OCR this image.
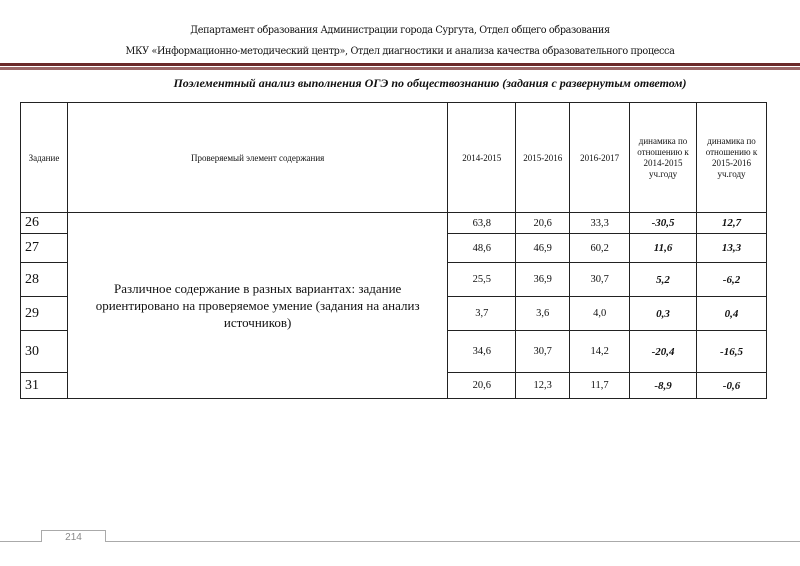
Департамент образования Администрации города Сургута, Отдел общего образования
МКУ «Информационно-методический центр», Отдел диагностики и анализа качества образовательного процесса
Поэлементный анализ выполнения ОГЭ по обществознанию (задания с развернутым ответом)
Задание	Проверяемый элемент содержания	2014-2015	2015-2016	2016-2017	динамика по отношению к 2014-2015 уч.году	динамика по отношению к 2015-2016 уч.году
26	Различное содержание в разных вариантах: задание ориентировано на проверяемое умение (задания на анализ источников)	63,8	20,6	33,3	-30,5	12,7
27		48,6	46,9	60,2	11,6	13,3
28		25,5	36,9	30,7	5,2	-6,2
29		3,7	3,6	4,0	0,3	0,4
30		34,6	30,7	14,2	-20,4	-16,5
31		20,6	12,3	11,7	-8,9	-0,6
214
